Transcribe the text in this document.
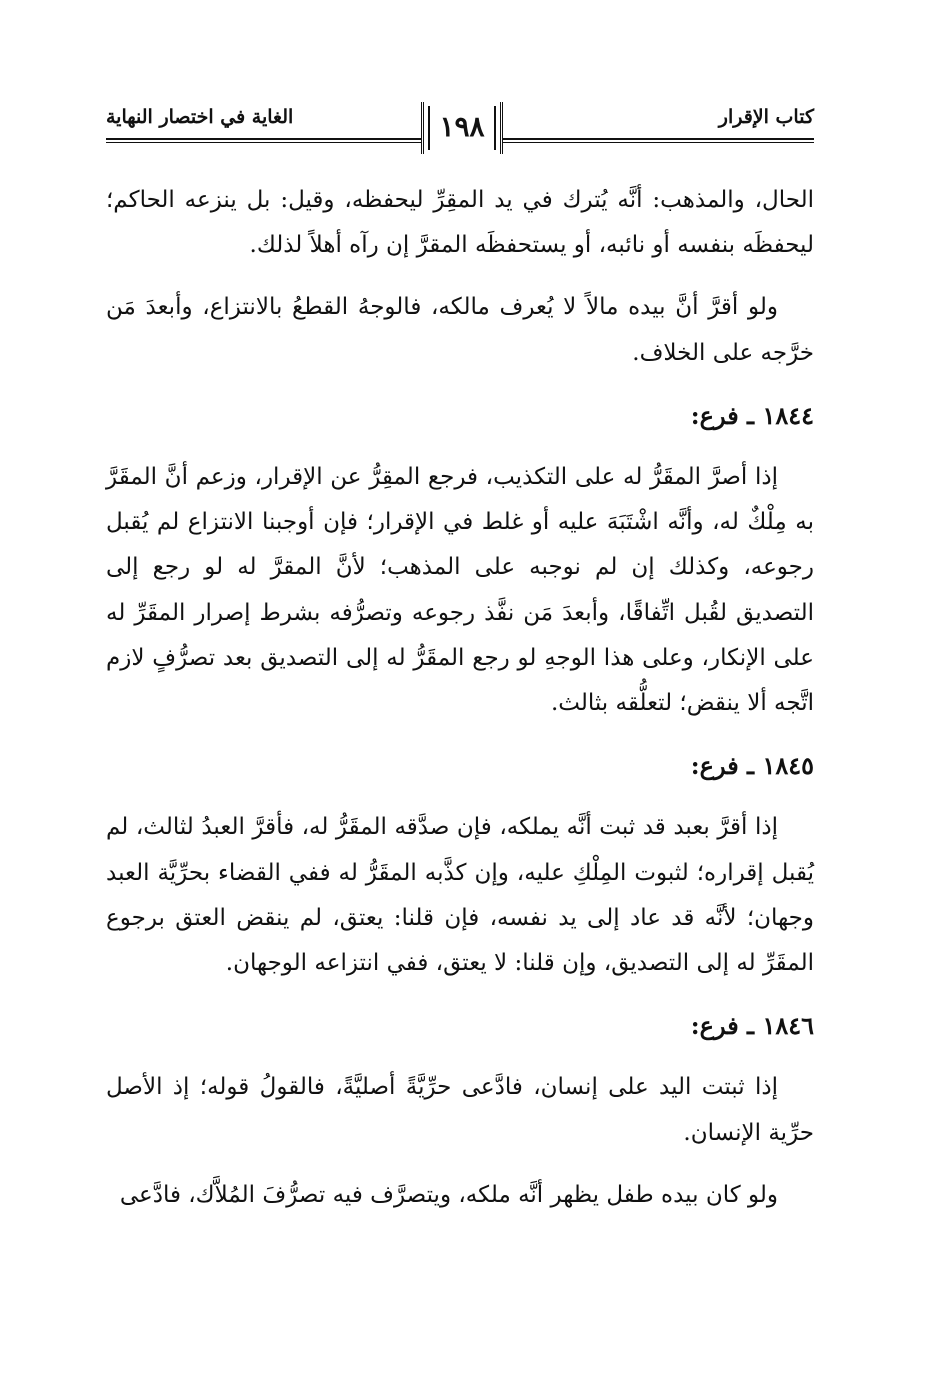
كتاب الإقرار
الغاية في اختصار النهاية	١٩٨

الحال، والمذهب: أنَّه يُترك في يد المقِرِّ ليحفظه، وقيل: بل ينزعه الحاكم؛ ليحفظَه بنفسه أو نائبه، أو يستحفظَه المقرَّ إن رآه أهلاً لذلك.

ولو أقرَّ أنَّ بيده مالاً لا يُعرف مالكه، فالوجهُ القطعُ بالانتزاع، وأبعدَ مَن خرَّجه على الخلاف.

١٨٤٤ ـ فرع:

إذا أصرَّ المقَرُّ له على التكذيب، فرجع المقِرُّ عن الإقرار، وزعم أنَّ المقَرَّ به مِلْكٌ له، وأنَّه اشْتَبَهَ عليه أو غلط في الإقرار؛ فإن أوجبنا الانتزاع لم يُقبل رجوعه، وكذلك إن لم نوجبه على المذهب؛ لأنَّ المقرَّ له لو رجع إلى التصديق لقُبل اتِّفاقًا، وأبعدَ مَن نفَّذ رجوعه وتصرُّفه بشرط إصرار المقَرِّ له على الإنكار، وعلى هذا الوجهِ لو رجع المقَرُّ له إلى التصديق بعد تصرُّفٍ لازم اتَّجه ألا ينقض؛ لتعلُّقه بثالث.

١٨٤٥ ـ فرع:

إذا أقرَّ بعبد قد ثبت أنَّه يملكه، فإن صدَّقه المقَرُّ له، فأقرَّ العبدُ لثالث، لم يُقبل إقراره؛ لثبوت المِلْكِ عليه، وإن كذَّبه المقَرُّ له ففي القضاء بحرِّيَّة العبد وجهان؛ لأنَّه قد عاد إلى يد نفسه، فإن قلنا: يعتق، لم ينقض العتق برجوع المقَرِّ له إلى التصديق، وإن قلنا: لا يعتق، ففي انتزاعه الوجهان.

١٨٤٦ ـ فرع:

إذا ثبتت اليد على إنسان، فادَّعى حرِّيَّةً أصليَّةً، فالقولُ قوله؛ إذ الأصل حرِّية الإنسان.

ولو كان بيده طفل يظهر أنَّه ملكه، ويتصرَّف فيه تصرُّفَ المُلاَّك، فادَّعى
